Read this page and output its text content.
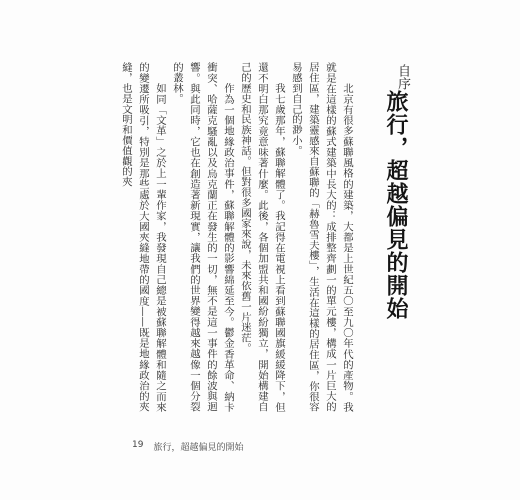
自序
旅行，超越偏見的開始

北京有很多蘇聯風格的建築，大都是上世紀五〇至九〇年代的產物。我就是在這樣的蘇式建築中長大的：成排整齊劃一的單元樓，構成一片巨大的居住區，建築靈感來自蘇聯的「赫魯雪夫樓」，生活在這樣的居住區，你很容易感到自己的渺小。

我七歲那年，蘇聯解體了。我記得在電視上看到蘇聯國旗緩緩降下，但還不明白那究竟意味著什麼。此後，各個加盟共和國紛紛獨立，開始構建自己的歷史和民族神話。但對很多國家來說，未來依舊一片迷茫。

作為一個地緣政治事件，蘇聯解體的影響綿延至今。鬱金香革命、納卡衝突、哈薩克騷亂以及烏克蘭正在發生的一切，無不是這一事件的餘波與迴響。與此同時，它也在創造著新現實，讓我們的世界變得越來越像一個分裂的叢林。

如同「文革」之於上一輩作家，我發現自己總是被蘇聯解體和隨之而來的變遷所吸引，特別是那些處於大國夾縫地帶的國度——既是地緣政治的夾縫，也是文明和價值觀的夾

19 旅行，超越偏見的開始
